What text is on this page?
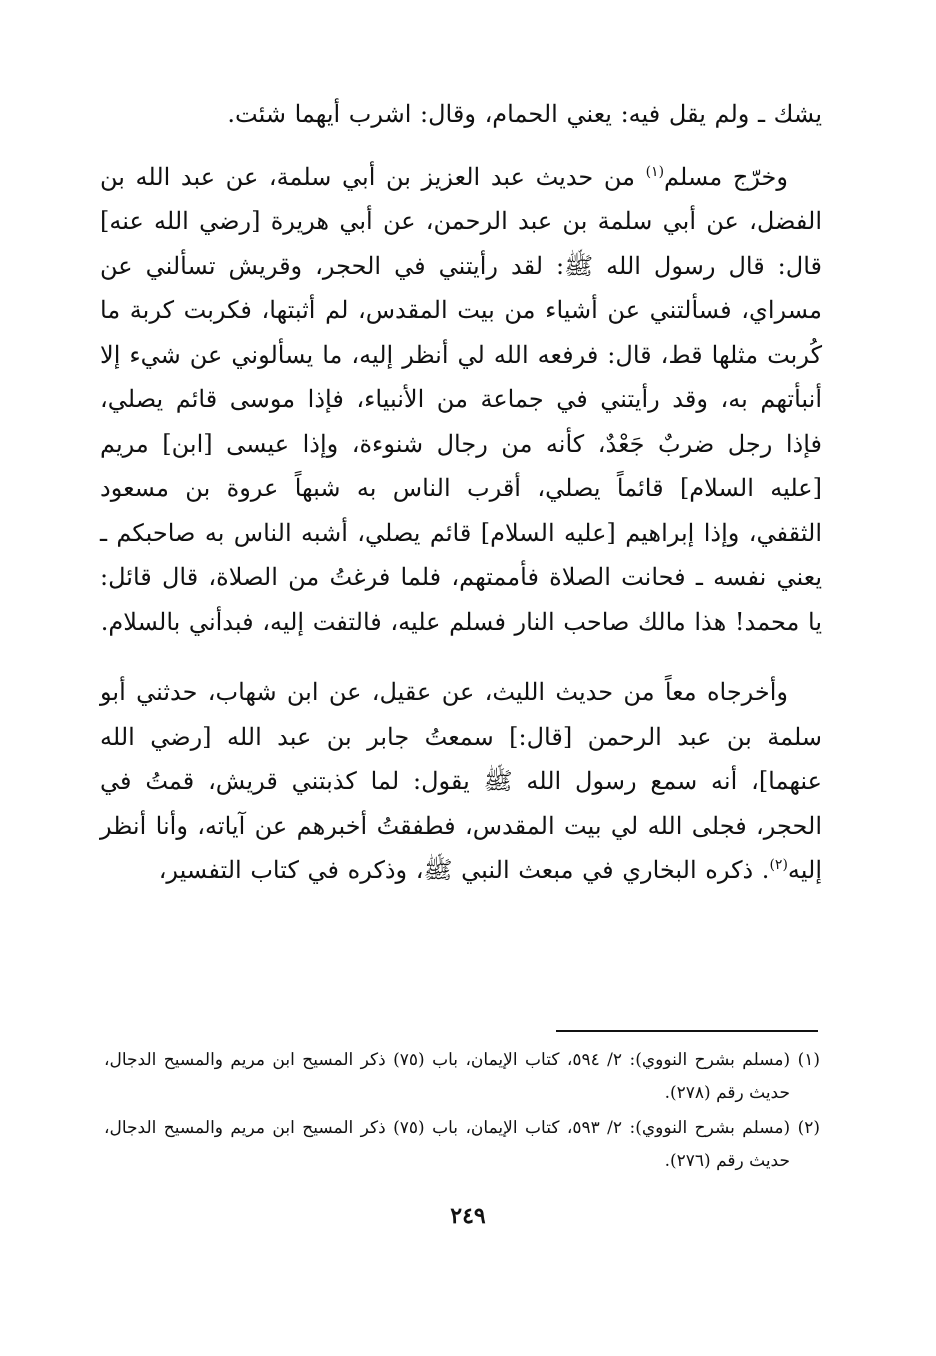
يشك ـ ولم يقل فيه: يعني الحمام، وقال: اشرب أيهما شئت.

وخرّج مسلم$^{(١)}$ من حديث عبد العزيز بن أبي سلمة، عن عبد الله بن الفضل، عن أبي سلمة بن عبد الرحمن، عن أبي هريرة [رضي الله عنه] قال: قال رسول الله ﷺ: لقد رأيتني في الحجر، وقريش تسألني عن مسراي، فسألتني عن أشياء من بيت المقدس، لم أثبتها، فكربت كربة ما كُربت مثلها قط، قال: فرفعه الله لي أنظر إليه، ما يسألوني عن شيء إلا أنبأتهم به، وقد رأيتني في جماعة من الأنبياء، فإذا موسى قائم يصلي، فإذا رجل ضربٌ جَعْدٌ، كأنه من رجال شنوءة، وإذا عيسى [ابن] مريم [عليه السلام] قائماً يصلي، أقرب الناس به شبهاً عروة بن مسعود الثقفي، وإذا إبراهيم [عليه السلام] قائم يصلي، أشبه الناس به صاحبكم ـ يعني نفسه ـ فحانت الصلاة فأممتهم، فلما فرغتُ من الصلاة، قال قائل: يا محمد! هذا مالك صاحب النار فسلم عليه، فالتفت إليه، فبدأني بالسلام.

وأخرجاه معاً من حديث الليث، عن عقيل، عن ابن شهاب، حدثني أبو سلمة بن عبد الرحمن [قال:] سمعتُ جابر بن عبد الله [رضي الله عنهما]، أنه سمع رسول الله ﷺ يقول: لما كذبتني قريش، قمتُ في الحجر، فجلى الله لي بيت المقدس، فطفقتُ أخبرهم عن آياته، وأنا أنظر إليه$^{(٢)}$. ذكره البخاري في مبعث النبي ﷺ، وذكره في كتاب التفسير،

(١) (مسلم بشرح النووي): ٢/ ٥٩٤، كتاب الإيمان، باب (٧٥) ذكر المسيح ابن مريم والمسيح الدجال، حديث رقم (٢٧٨).

(٢) (مسلم بشرح النووي): ٢/ ٥٩٣، كتاب الإيمان، باب (٧٥) ذكر المسيح ابن مريم والمسيح الدجال، حديث رقم (٢٧٦).

٢٤٩
